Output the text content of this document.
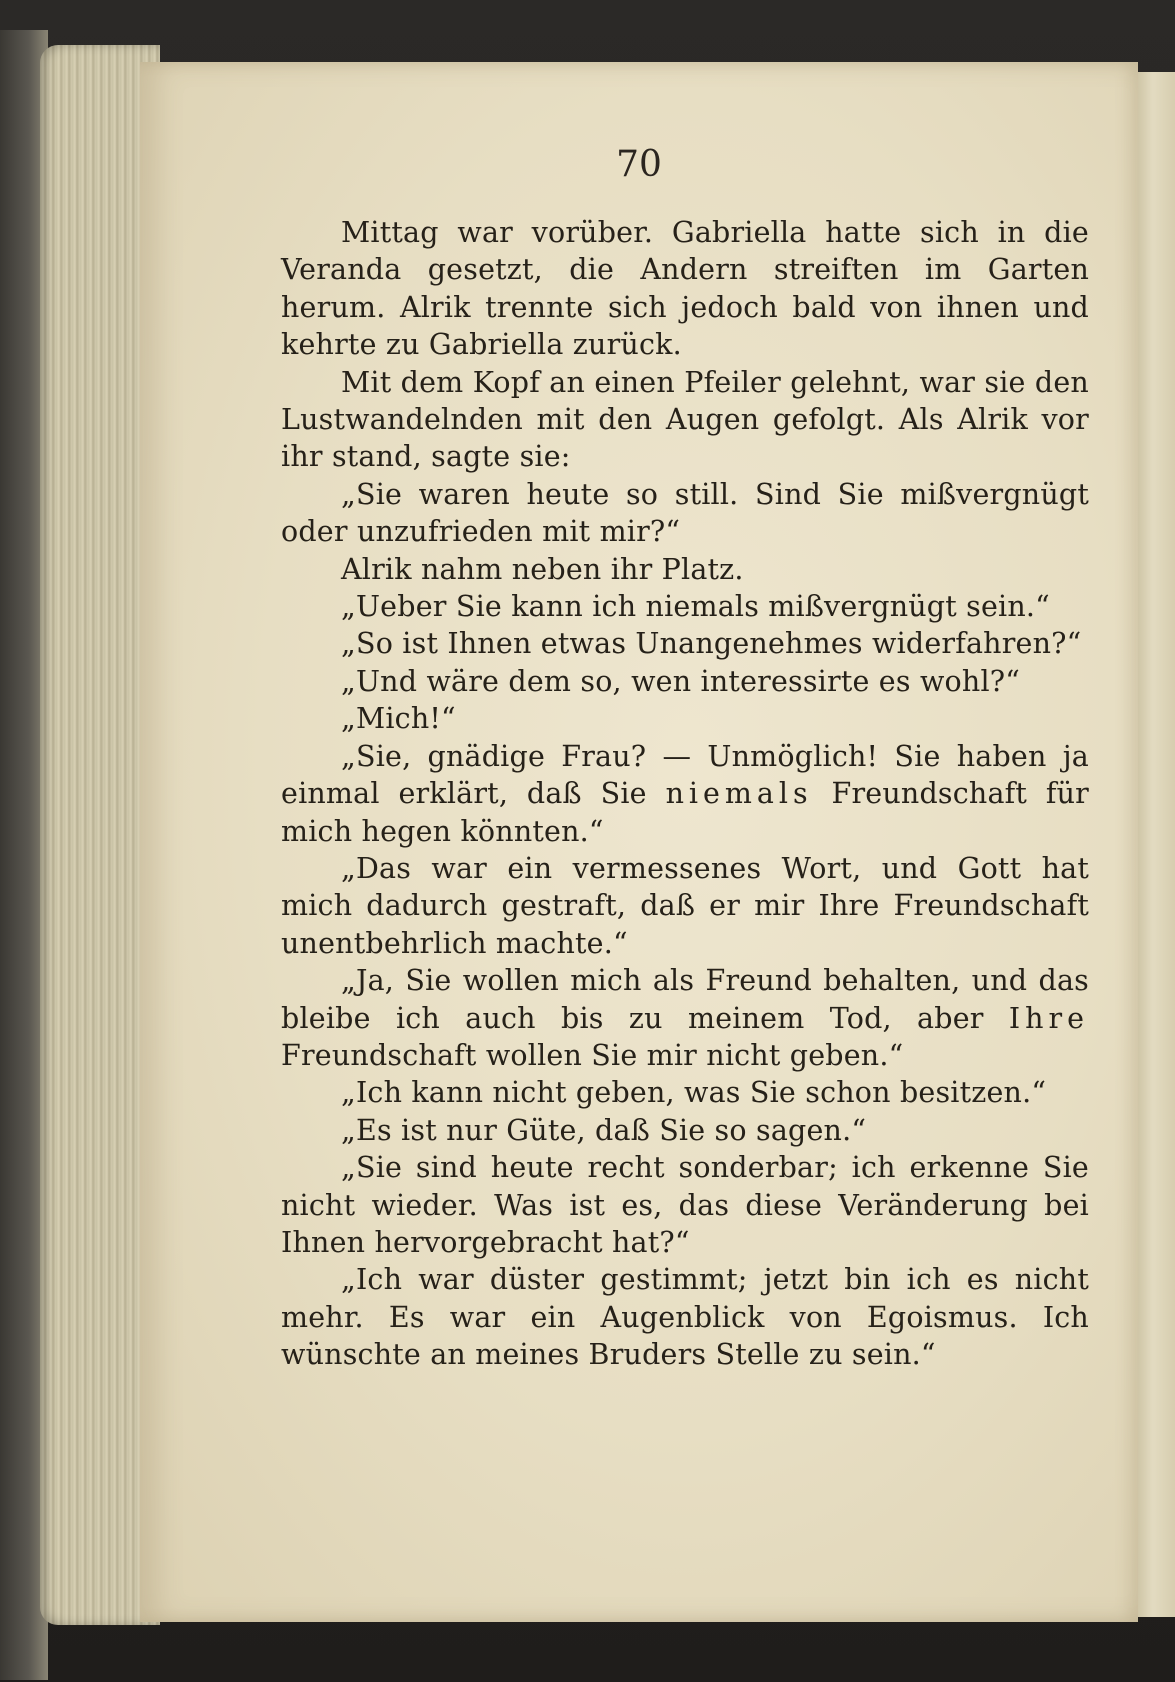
70

Mittag war vorüber. Gabriella hatte sich in die Veranda gesetzt, die Andern streiften im Garten herum. Alrik trennte sich jedoch bald von ihnen und kehrte zu Gabriella zurück.

Mit dem Kopf an einen Pfeiler gelehnt, war sie den Lustwandelnden mit den Augen gefolgt. Als Alrik vor ihr stand, sagte sie:

„Sie waren heute so still. Sind Sie mißvergnügt oder unzufrieden mit mir?“

Alrik nahm neben ihr Platz.

„Ueber Sie kann ich niemals mißvergnügt sein.“

„So ist Ihnen etwas Unangenehmes widerfahren?“

„Und wäre dem so, wen interessirte es wohl?“

„Mich!“

„Sie, gnädige Frau? — Unmöglich! Sie haben ja einmal erklärt, daß Sie niemals Freundschaft für mich hegen könnten.“

„Das war ein vermessenes Wort, und Gott hat mich dadurch gestraft, daß er mir Ihre Freundschaft unentbehrlich machte.“

„Ja, Sie wollen mich als Freund behalten, und das bleibe ich auch bis zu meinem Tod, aber Ihre Freundschaft wollen Sie mir nicht geben.“

„Ich kann nicht geben, was Sie schon besitzen.“

„Es ist nur Güte, daß Sie so sagen.“

„Sie sind heute recht sonderbar; ich erkenne Sie nicht wieder. Was ist es, das diese Veränderung bei Ihnen hervorgebracht hat?“

„Ich war düster gestimmt; jetzt bin ich es nicht mehr. Es war ein Augenblick von Egoismus. Ich wünschte an meines Bruders Stelle zu sein.“
